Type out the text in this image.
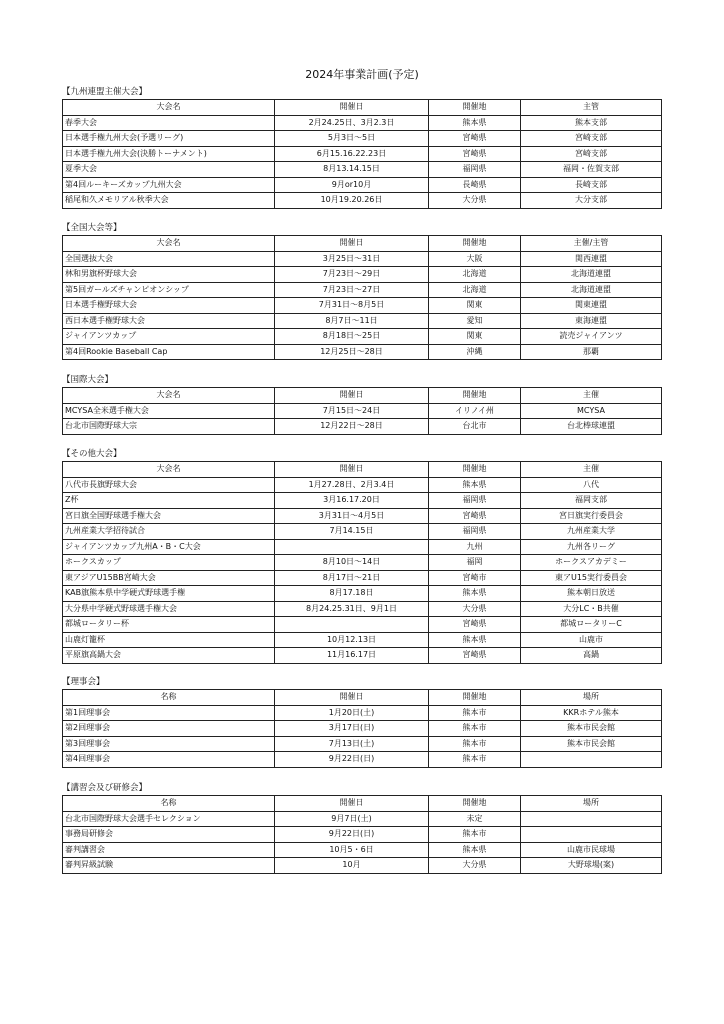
2024年事業計画(予定)
【九州連盟主催大会】
大会名	開催日	開催地	主管
春季大会	2月24.25日、3月2.3日	熊本県	熊本支部
日本選手権九州大会(予選リーグ)	5月3日～5日	宮崎県	宮崎支部
日本選手権九州大会(決勝トーナメント)	6月15.16.22.23日	宮崎県	宮崎支部
夏季大会	8月13.14.15日	福岡県	福岡・佐賀支部
第4回ルーキーズカップ九州大会	9月or10月	長崎県	長崎支部
稲尾和久メモリアル秋季大会	10月19.20.26日	大分県	大分支部
【全国大会等】
大会名	開催日	開催地	主催/主管
全国選抜大会	3月25日～31日	大阪	関西連盟
林和男旗杯野球大会	7月23日～29日	北海道	北海道連盟
第5回ガールズチャンピオンシップ	7月23日～27日	北海道	北海道連盟
日本選手権野球大会	7月31日～8月5日	関東	関東連盟
西日本選手権野球大会	8月7日～11日	愛知	東海連盟
ジャイアンツカップ	8月18日～25日	関東	読売ジャイアンツ
第4回Rookie Baseball Cap	12月25日～28日	沖縄	那覇
【国際大会】
大会名	開催日	開催地	主催
MCYSA全米選手権大会	7月15日～24日	イリノイ州	MCYSA
台北市国際野球大宗	12月22日～28日	台北市	台北棒球連盟
【その他大会】
大会名	開催日	開催地	主催
八代市長旗野球大会	1月27.28日、2月3.4日	熊本県	八代
Z杯	3月16.17.20日	福岡県	福岡支部
宮日旗全国野球選手権大会	3月31日～4月5日	宮崎県	宮日旗実行委員会
九州産業大学招待試合	7月14.15日	福岡県	九州産業大学
ジャイアンツカップ九州A・B・C大会		九州	九州各リーグ
ホークスカップ	8月10日～14日	福岡	ホークスアカデミー
東アジアU15BB宮崎大会	8月17日～21日	宮崎市	東アU15実行委員会
KAB旗熊本県中学硬式野球選手権	8月17.18日	熊本県	熊本朝日放送
大分県中学硬式野球選手権大会	8月24.25.31日、9月1日	大分県	大分LC・B共催
都城ロータリー杯		宮崎県	都城ロータリーC
山鹿灯籠杯	10月12.13日	熊本県	山鹿市
平原旗高鍋大会	11月16.17日	宮崎県	高鍋
【理事会】
名称	開催日	開催地	場所
第1回理事会	1月20日(土)	熊本市	KKRホテル熊本
第2回理事会	3月17日(日)	熊本市	熊本市民会館
第3回理事会	7月13日(土)	熊本市	熊本市民会館
第4回理事会	9月22日(日)	熊本市	
【講習会及び研修会】
名称	開催日	開催地	場所
台北市国際野球大会選手セレクション	9月7日(土)	未定	
事務局研修会	9月22日(日)	熊本市	
審判講習会	10月5・6日	熊本県	山鹿市民球場
審判昇級試験	10月	大分県	大野球場(案)
